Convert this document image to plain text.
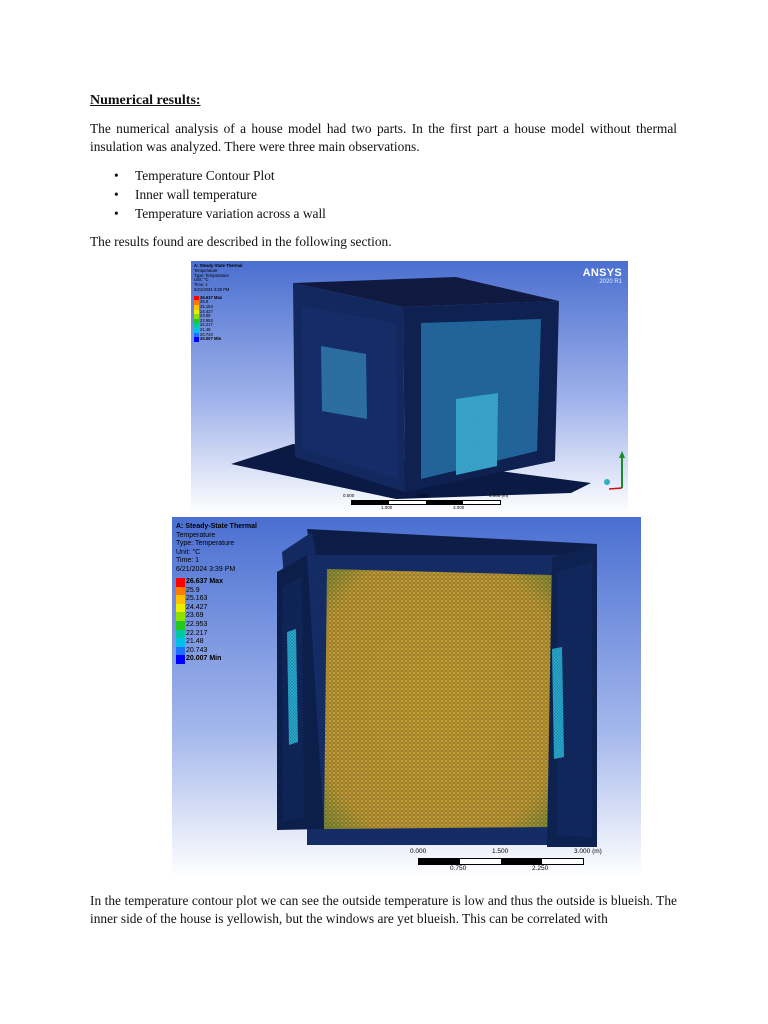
Numerical results:
The numerical analysis of a house model had two parts. In the first part a house model without thermal insulation was analyzed. There were three main observations.
• Temperature Contour Plot
• Inner wall temperature
• Temperature variation across a wall
The results found are described in the following section.
A: Steady-State Thermal
Temperature
Type: Temperature
Unit: °C
Time: 1
6/21/2024 3:38 PM
26.637 Max
25.9
25.163
24.427
23.69
22.953
22.217
21.48
20.743
20.007 Min
ANSYS
2020 R1
0.000	2.000	4.000 (m)
1.000	3.000
A: Steady-State Thermal
Temperature
Type: Temperature
Unit: °C
Time: 1
6/21/2024 3:39 PM
26.637 Max
25.9
25.163
24.427
23.69
22.953
22.217
21.48
20.743
20.007 Min
0.000	1.500	3.000 (m)
0.750	2.250
In the temperature contour plot we can see the outside temperature is low and thus the outside is blueish. The inner side of the house is yellowish, but the windows are yet blueish. This can be correlated with
